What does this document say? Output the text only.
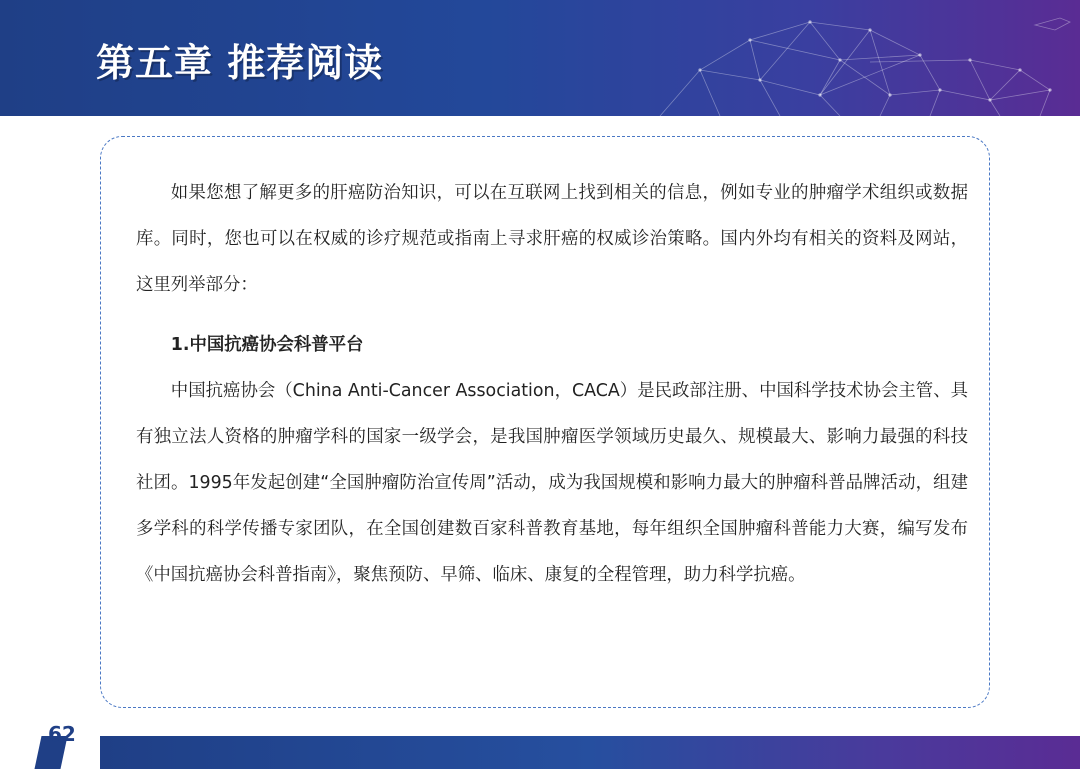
第五章 推荐阅读

如果您想了解更多的肝癌防治知识，可以在互联网上找到相关的信息，例如专业的肿瘤学术组织或数据库。同时，您也可以在权威的诊疗规范或指南上寻求肝癌的权威诊治策略。国内外均有相关的资料及网站，这里列举部分：

1.中国抗癌协会科普平台

中国抗癌协会（China Anti-Cancer Association，CACA）是民政部注册、中国科学技术协会主管、具有独立法人资格的肿瘤学科的国家一级学会，是我国肿瘤医学领域历史最久、规模最大、影响力最强的科技社团。1995年发起创建“全国肿瘤防治宣传周”活动，成为我国规模和影响力最大的肿瘤科普品牌活动，组建多学科的科学传播专家团队，在全国创建数百家科普教育基地，每年组织全国肿瘤科普能力大赛，编写发布《中国抗癌协会科普指南》，聚焦预防、早筛、临床、康复的全程管理，助力科学抗癌。

62
